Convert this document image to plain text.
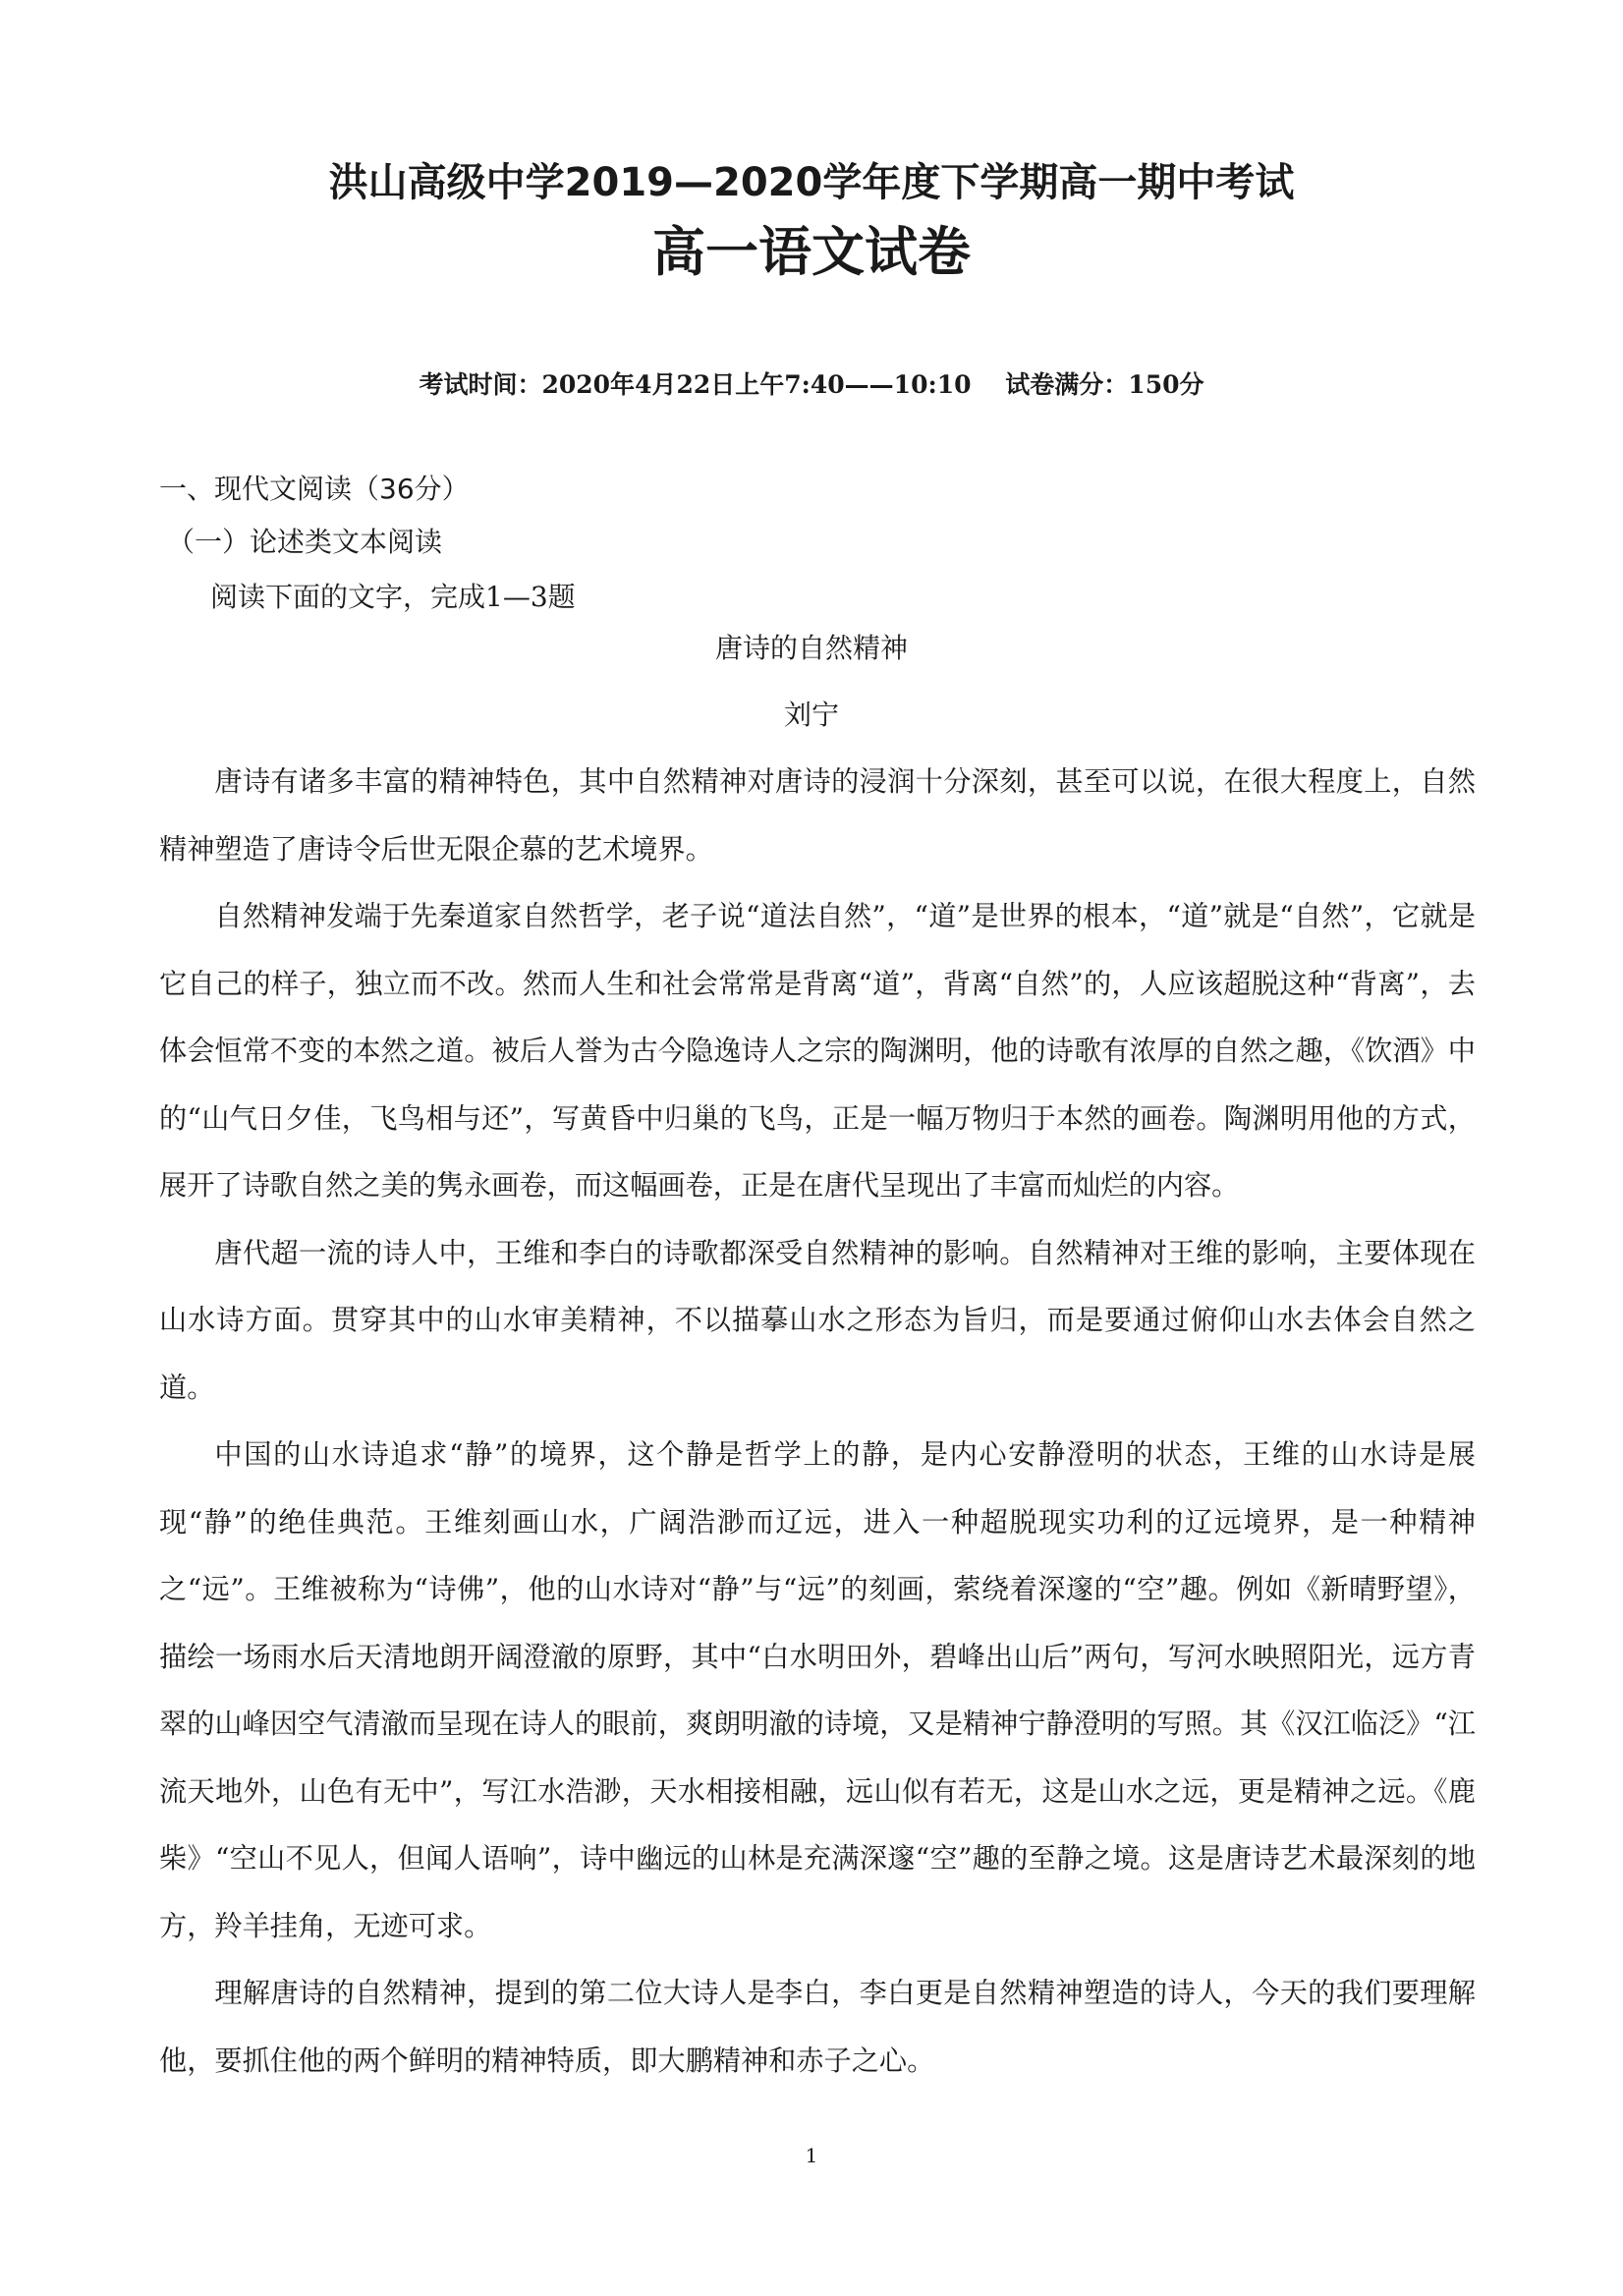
洪山高级中学2019—2020学年度下学期高一期中考试
高一语文试卷
考试时间：2020年4月22日上午7:40——10:10    试卷满分：150分
一、现代文阅读（36分）
（一）论述类文本阅读
阅读下面的文字，完成1—3题
唐诗的自然精神
刘宁

唐诗有诸多丰富的精神特色，其中自然精神对唐诗的浸润十分深刻，甚至可以说，在很大程度上，自然精神塑造了唐诗令后世无限企慕的艺术境界。

自然精神发端于先秦道家自然哲学，老子说“道法自然”，“道”是世界的根本，“道”就是“自然”，它就是它自己的样子，独立而不改。然而人生和社会常常是背离“道”，背离“自然”的，人应该超脱这种“背离”，去体会恒常不变的本然之道。被后人誉为古今隐逸诗人之宗的陶渊明，他的诗歌有浓厚的自然之趣，《饮酒》中的“山气日夕佳，飞鸟相与还”，写黄昏中归巢的飞鸟，正是一幅万物归于本然的画卷。陶渊明用他的方式，展开了诗歌自然之美的隽永画卷，而这幅画卷，正是在唐代呈现出了丰富而灿烂的内容。

唐代超一流的诗人中，王维和李白的诗歌都深受自然精神的影响。自然精神对王维的影响，主要体现在山水诗方面。贯穿其中的山水审美精神，不以描摹山水之形态为旨归，而是要通过俯仰山水去体会自然之道。

中国的山水诗追求“静”的境界，这个静是哲学上的静，是内心安静澄明的状态，王维的山水诗是展现“静”的绝佳典范。王维刻画山水，广阔浩渺而辽远，进入一种超脱现实功利的辽远境界，是一种精神之“远”。王维被称为“诗佛”，他的山水诗对“静”与“远”的刻画，萦绕着深邃的“空”趣。例如《新晴野望》，描绘一场雨水后天清地朗开阔澄澈的原野，其中“白水明田外，碧峰出山后”两句，写河水映照阳光，远方青翠的山峰因空气清澈而呈现在诗人的眼前，爽朗明澈的诗境，又是精神宁静澄明的写照。其《汉江临泛》“江流天地外，山色有无中”，写江水浩渺，天水相接相融，远山似有若无，这是山水之远，更是精神之远。《鹿柴》“空山不见人，但闻人语响”，诗中幽远的山林是充满深邃“空”趣的至静之境。这是唐诗艺术最深刻的地方，羚羊挂角，无迹可求。

理解唐诗的自然精神，提到的第二位大诗人是李白，李白更是自然精神塑造的诗人，今天的我们要理解他，要抓住他的两个鲜明的精神特质，即大鹏精神和赤子之心。

1
